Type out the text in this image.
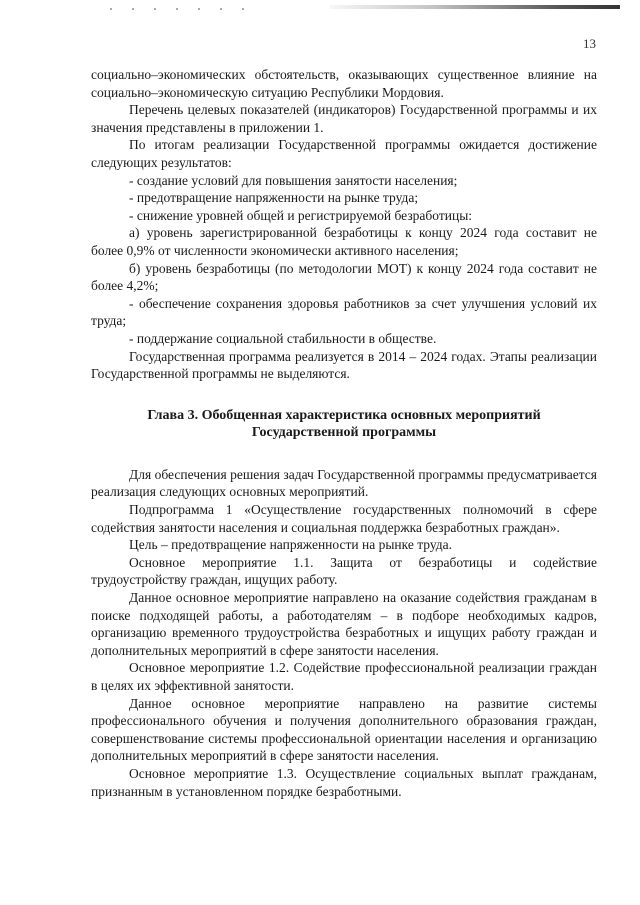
13

социально–экономических обстоятельств, оказывающих существенное влияние на социально–экономическую ситуацию Республики Мордовия.

Перечень целевых показателей (индикаторов) Государственной программы и их значения представлены в приложении 1.

По итогам реализации Государственной программы ожидается достижение следующих результатов:

- создание условий для повышения занятости населения;

- предотвращение напряженности на рынке труда;

- снижение уровней общей и регистрируемой безработицы:

а) уровень зарегистрированной безработицы к концу 2024 года составит не более 0,9% от численности экономически активного населения;

б) уровень безработицы (по методологии МОТ) к концу 2024 года составит не более 4,2%;

- обеспечение сохранения здоровья работников за счет улучшения условий их труда;

- поддержание социальной стабильности в обществе.

Государственная программа реализуется в 2014 – 2024 годах. Этапы реализации Государственной программы не выделяются.

Глава 3. Обобщенная характеристика основных мероприятий Государственной программы

Для обеспечения решения задач Государственной программы предусматривается реализация следующих основных мероприятий.

Подпрограмма 1 «Осуществление государственных полномочий в сфере содействия занятости населения и социальная поддержка безработных граждан».

Цель – предотвращение напряженности на рынке труда.

Основное мероприятие 1.1. Защита от безработицы и содействие трудоустройству граждан, ищущих работу.

Данное основное мероприятие направлено на оказание содействия гражданам в поиске подходящей работы, а работодателям – в подборе необходимых кадров, организацию временного трудоустройства безработных и ищущих работу граждан и дополнительных мероприятий в сфере занятости населения.

Основное мероприятие 1.2. Содействие профессиональной реализации граждан в целях их эффективной занятости.

Данное основное мероприятие направлено на развитие системы профессионального обучения и получения дополнительного образования граждан, совершенствование системы профессиональной ориентации населения и организацию дополнительных мероприятий в сфере занятости населения.

Основное мероприятие 1.3. Осуществление социальных выплат гражданам, признанным в установленном порядке безработными.
